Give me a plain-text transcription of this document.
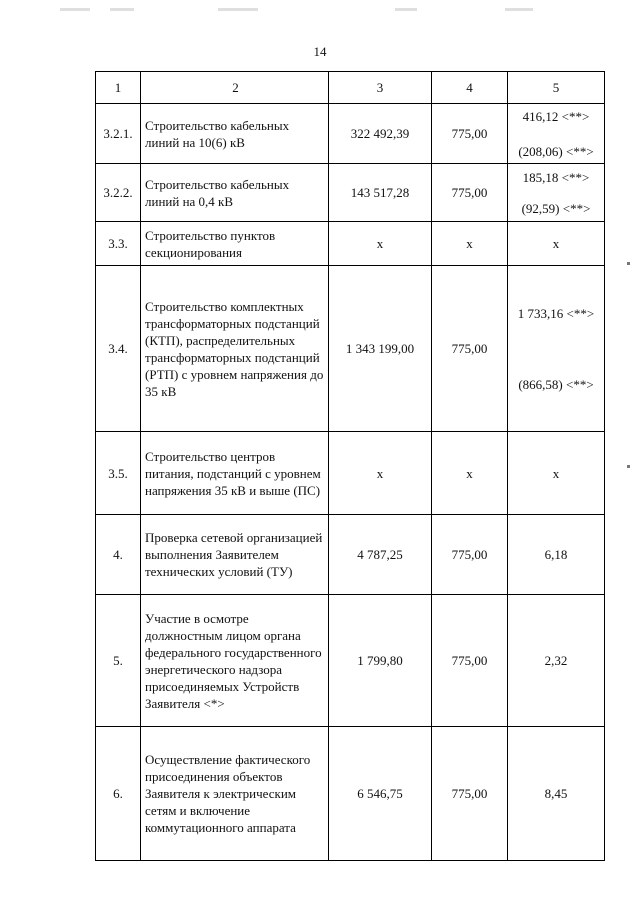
14
1	2	3	4	5
3.2.1.	Строительство кабельных линий на 10(6) кВ	322 492,39	775,00	416,12 <**>
(208,06) <**>

3.2.2.	Строительство кабельных линий на 0,4 кВ	143 517,28	775,00	185,18 <**>
(92,59) <**>

3.3.	Строительство пунктов секционирования	х	х	х
3.4.	Строительство комплектных трансформаторных подстанций (КТП), распределительных трансформаторных подстанций (РТП) с уровнем напряжения до 35 кВ	1 343 199,00	775,00	1 733,16 <**>
(866,58) <**>

3.5.	Строительство центров питания, подстанций с уровнем напряжения 35 кВ и выше (ПС)	х	х	х
4.	Проверка сетевой организацией выполнения Заявителем технических условий (ТУ)	4 787,25	775,00	6,18
5.	Участие в осмотре должностным лицом органа федерального государственного энергетического надзора присоединяемых Устройств Заявителя <*>	1 799,80	775,00	2,32
6.	Осуществление фактического присоединения объектов Заявителя к электрическим сетям и включение коммутационного аппарата	6 546,75	775,00	8,45
